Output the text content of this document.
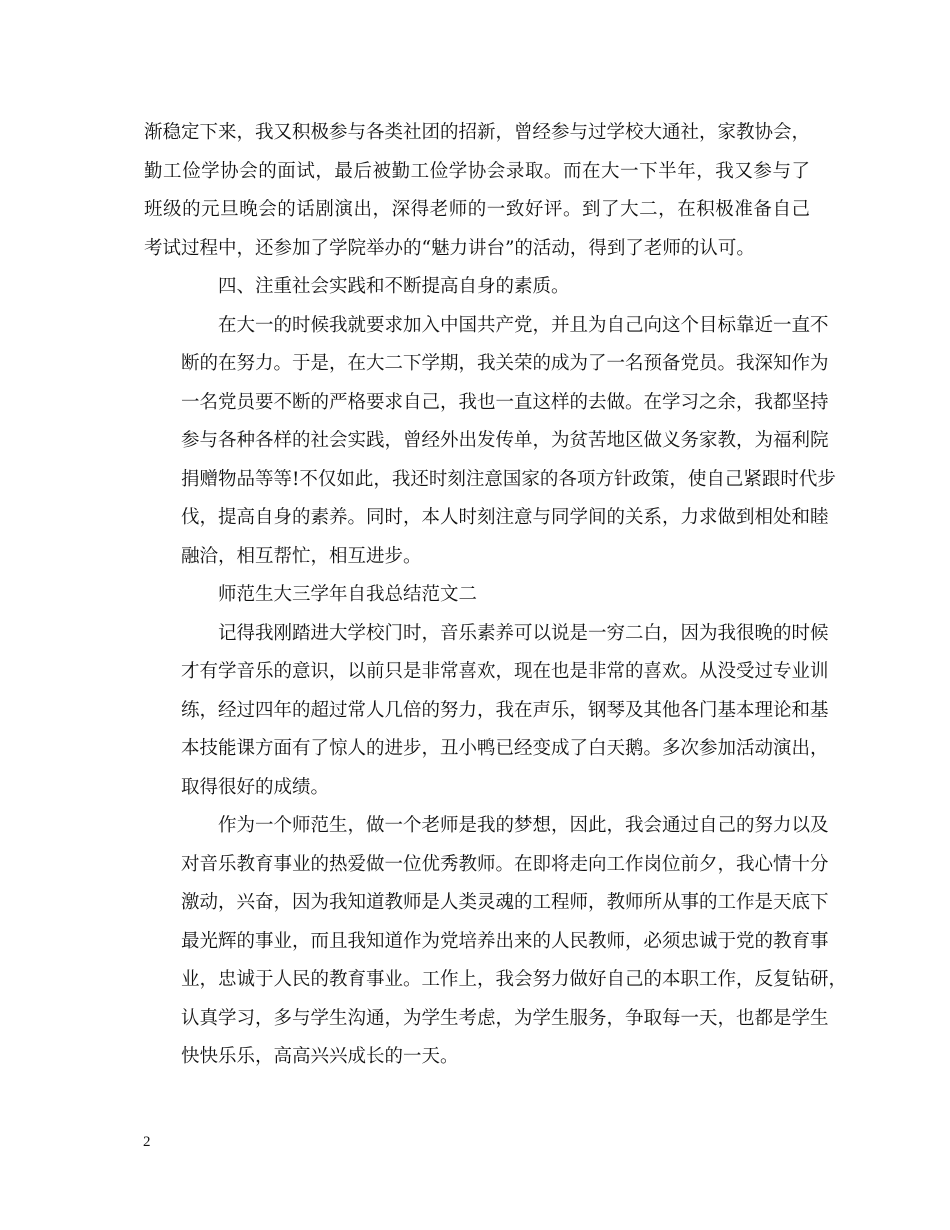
渐稳定下来，我又积极参与各类社团的招新，曾经参与过学校大通社，家教协会，
勤工俭学协会的面试，最后被勤工俭学协会录取。而在大一下半年，我又参与了
班级的元旦晚会的话剧演出，深得老师的一致好评。到了大二，在积极准备自己
考试过程中，还参加了学院举办的“魅力讲台”的活动，得到了老师的认可。
四、注重社会实践和不断提高自身的素质。
在大一的时候我就要求加入中国共产党，并且为自己向这个目标靠近一直不
断的在努力。于是，在大二下学期，我关荣的成为了一名预备党员。我深知作为
一名党员要不断的严格要求自己，我也一直这样的去做。在学习之余，我都坚持
参与各种各样的社会实践，曾经外出发传单，为贫苦地区做义务家教，为福利院
捐赠物品等等!不仅如此，我还时刻注意国家的各项方针政策，使自己紧跟时代步
伐，提高自身的素养。同时，本人时刻注意与同学间的关系，力求做到相处和睦
融洽，相互帮忙，相互进步。
师范生大三学年自我总结范文二
记得我刚踏进大学校门时，音乐素养可以说是一穷二白，因为我很晚的时候
才有学音乐的意识，以前只是非常喜欢，现在也是非常的喜欢。从没受过专业训
练，经过四年的超过常人几倍的努力，我在声乐，钢琴及其他各门基本理论和基
本技能课方面有了惊人的进步，丑小鸭已经变成了白天鹅。多次参加活动演出，
取得很好的成绩。
作为一个师范生，做一个老师是我的梦想，因此，我会通过自己的努力以及
对音乐教育事业的热爱做一位优秀教师。在即将走向工作岗位前夕，我心情十分
激动，兴奋，因为我知道教师是人类灵魂的工程师，教师所从事的工作是天底下
最光辉的事业，而且我知道作为党培养出来的人民教师，必须忠诚于党的教育事
业，忠诚于人民的教育事业。工作上，我会努力做好自己的本职工作，反复钻研，
认真学习，多与学生沟通，为学生考虑，为学生服务，争取每一天，也都是学生
快快乐乐，高高兴兴成长的一天。
2
